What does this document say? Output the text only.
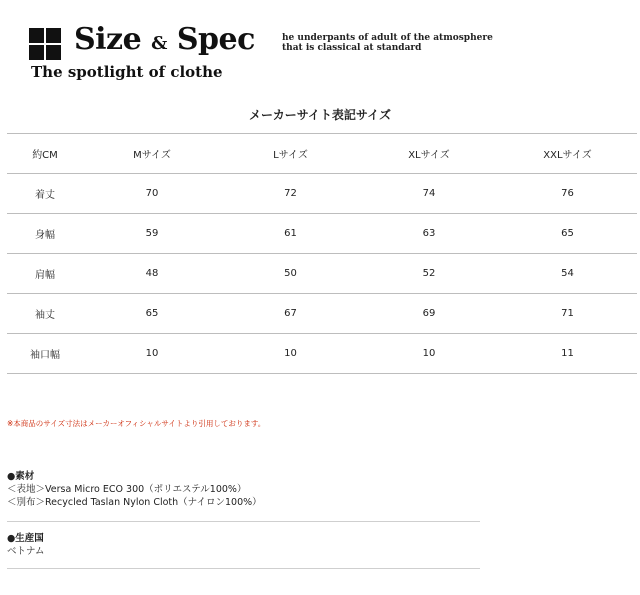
Size & Spec

The spotlight of clothe

he underpants of adult of the atmosphere
that is classical at standard
メーカーサイト表記サイズ
約CM	Mサイズ	Lサイズ	XLサイズ	XXLサイズ
着丈	70	72	74	76
身幅	59	61	63	65
肩幅	48	50	52	54
袖丈	65	67	69	71
袖口幅	10	10	10	11
※本商品のサイズ寸法はメーカーオフィシャルサイトより引用しております。
●素材
＜表地＞Versa Micro ECO 300（ポリエステル100%）
＜別布＞Recycled Taslan Nylon Cloth（ナイロン100%）
●生産国
ベトナム
